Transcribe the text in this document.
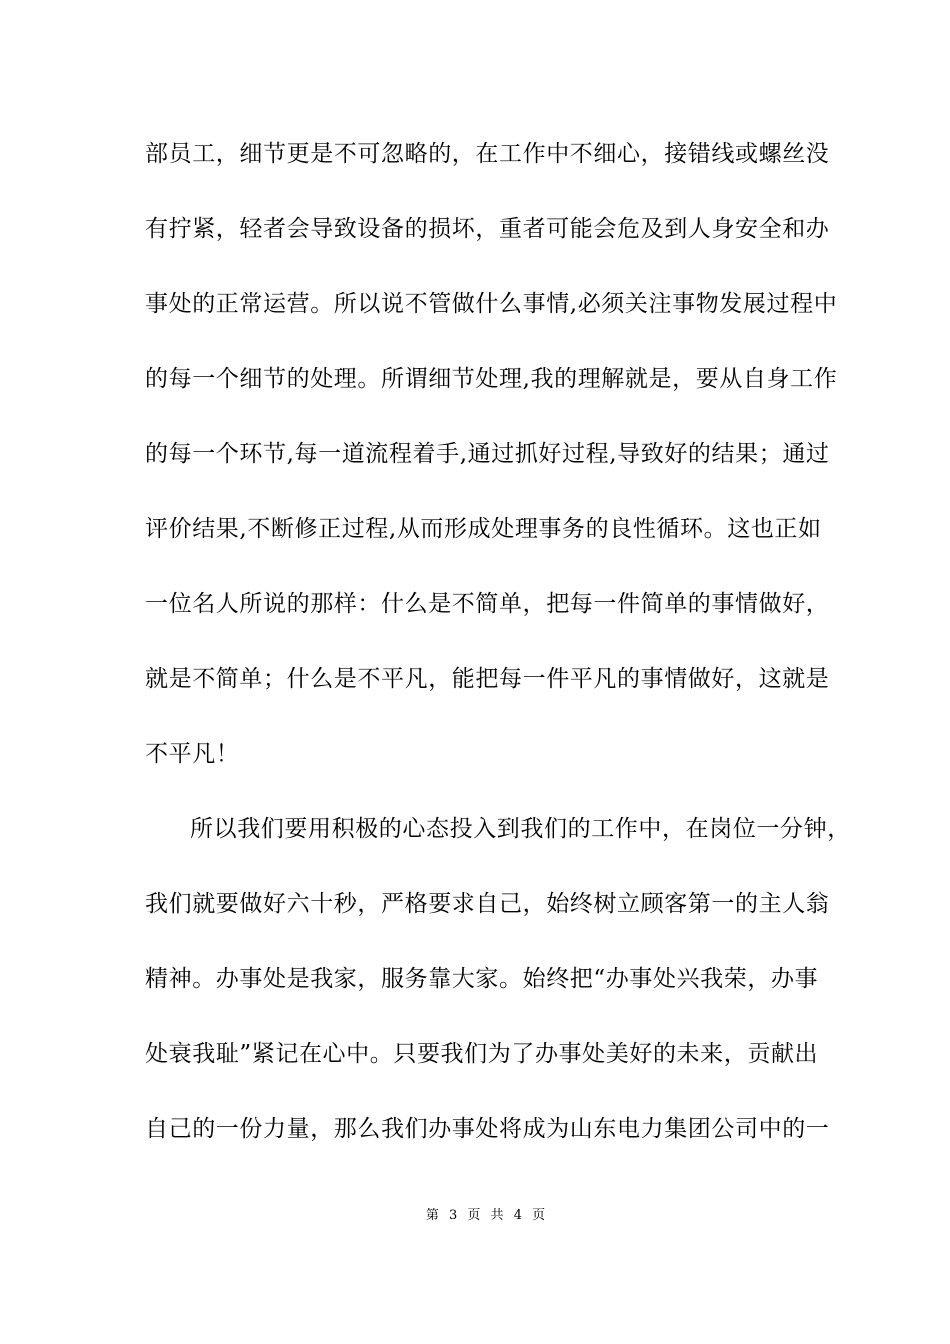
部员工，细节更是不可忽略的，在工作中不细心，接错线或螺丝没
有拧紧，轻者会导致设备的损坏，重者可能会危及到人身安全和办
事处的正常运营。所以说不管做什么事情,必须关注事物发展过程中
的每一个细节的处理。所谓细节处理,我的理解就是，要从自身工作
的每一个环节,每一道流程着手,通过抓好过程,导致好的结果；通过
评价结果,不断修正过程,从而形成处理事务的良性循环。这也正如
一位名人所说的那样：什么是不简单，把每一件简单的事情做好，
就是不简单；什么是不平凡，能把每一件平凡的事情做好，这就是
不平凡！
所以我们要用积极的心态投入到我们的工作中，在岗位一分钟，
我们就要做好六十秒，严格要求自己，始终树立顾客第一的主人翁
精神。办事处是我家，服务靠大家。始终把“办事处兴我荣，办事
处衰我耻”紧记在心中。只要我们为了办事处美好的未来，贡献出
自己的一份力量，那么我们办事处将成为山东电力集团公司中的一
第 3 页 共 4 页
